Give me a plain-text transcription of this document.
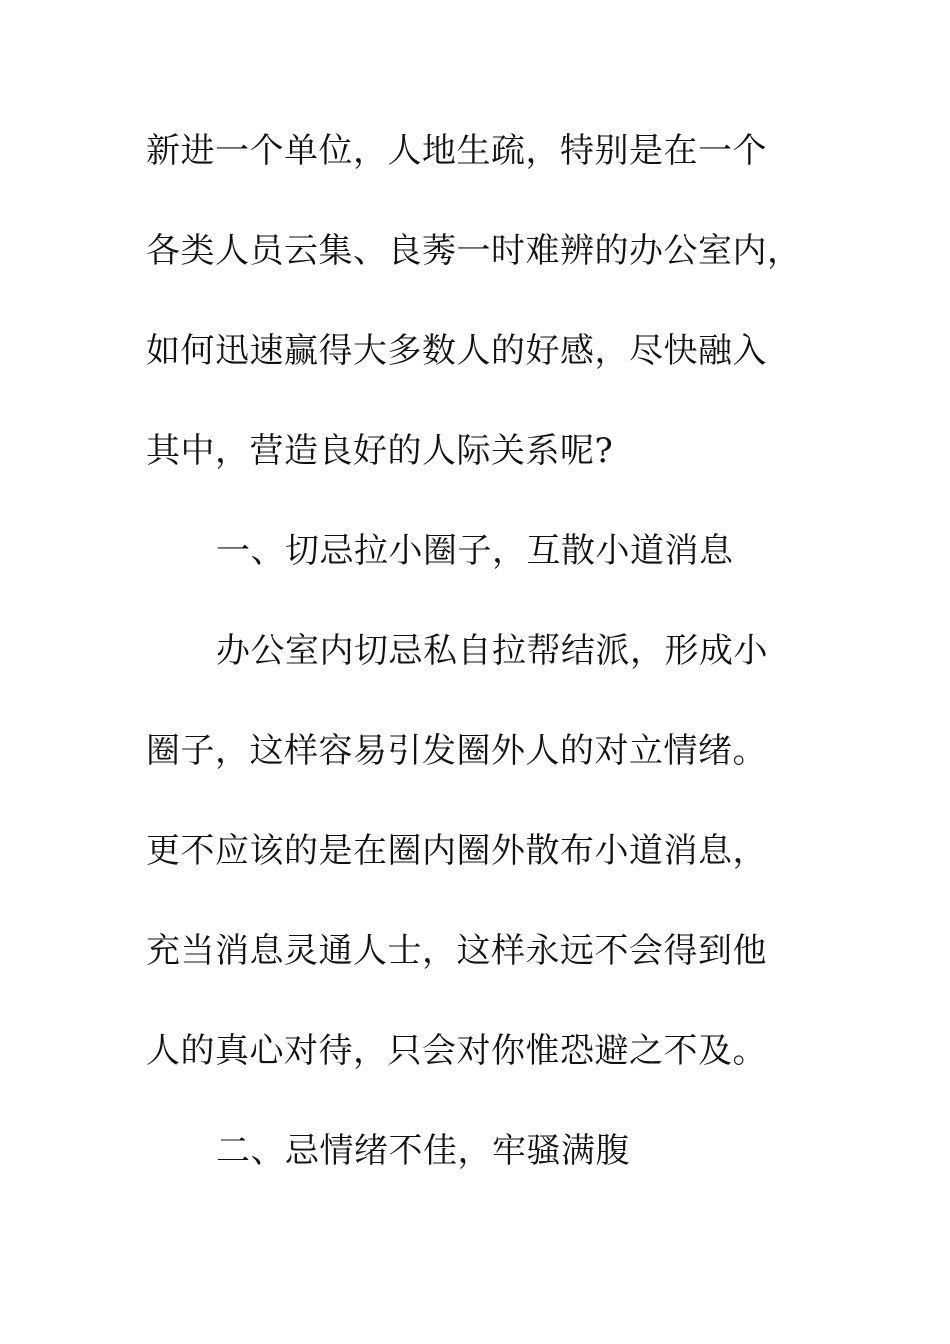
新进一个单位，人地生疏，特别是在一个
各类人员云集、良莠一时难辨的办公室内，
如何迅速赢得大多数人的好感，尽快融入
其中，营造良好的人际关系呢?
一、切忌拉小圈子，互散小道消息
办公室内切忌私自拉帮结派，形成小
圈子，这样容易引发圈外人的对立情绪。
更不应该的是在圈内圈外散布小道消息，
充当消息灵通人士，这样永远不会得到他
人的真心对待，只会对你惟恐避之不及。
二、忌情绪不佳，牢骚满腹
